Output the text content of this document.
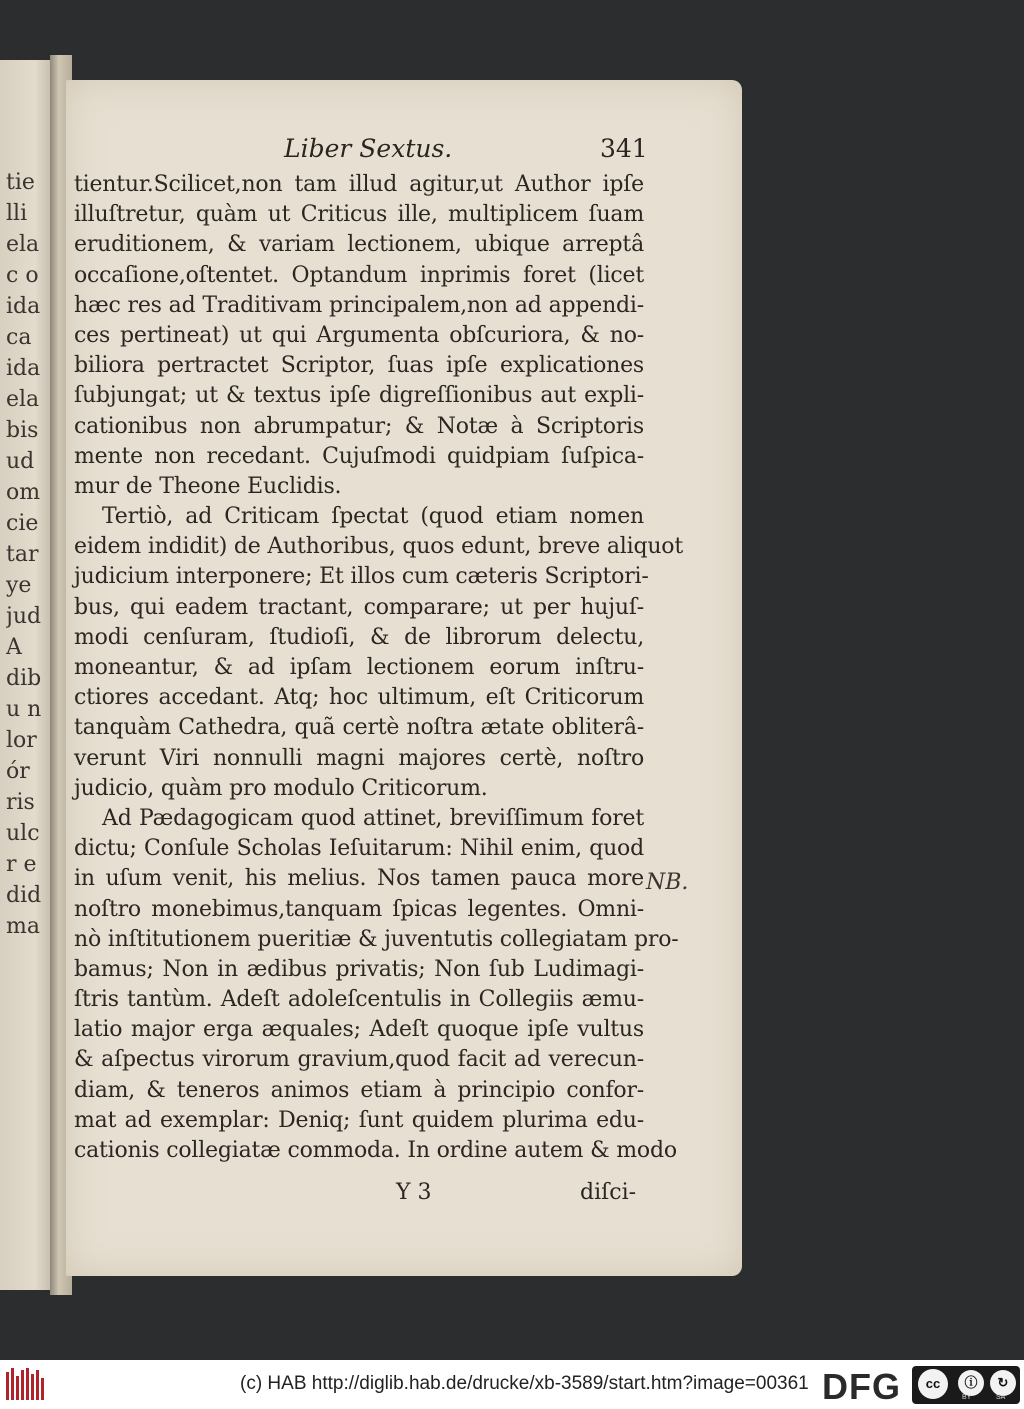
tie
lli
ela
c o
ida
ca
ida
ela
bis
ud
om
cie
tar
ye
jud
A
dib
u n
lor
ór
ris
ulc
r e
did
ma
Liber Sextus.	341
tientur.Scilicet,non tam illud agitur,ut Author ipſe
illuſtretur, quàm ut Criticus ille, multiplicem ſuam
eruditionem, & variam lectionem, ubique arreptâ
occaſione,oſtentet. Optandum inprimis foret (licet
hæc res ad Traditivam principalem,non ad appendi-
ces pertineat) ut qui Argumenta obſcuriora, & no-
biliora pertractet Scriptor, ſuas ipſe explicationes
ſubjungat; ut & textus ipſe digreſſionibus aut expli-
cationibus non abrumpatur; & Notæ à Scriptoris
mente non recedant. Cujuſmodi quidpiam ſuſpica-
mur de Theone Euclidis.
Tertiò, ad Criticam ſpectat (quod etiam nomen
eidem indidit) de Authoribus, quos edunt, breve aliquot
judicium interponere; Et illos cum cæteris Scriptori-
bus, qui eadem tractant, comparare; ut per hujuſ-
modi cenſuram, ſtudioſi, & de librorum delectu,
moneantur, & ad ipſam lectionem eorum inſtru-
ctiores accedant. Atq; hoc ultimum, eſt Criticorum
tanquàm Cathedra, quã certè noſtra ætate obliterâ-
verunt Viri nonnulli magni majores certè, noſtro
judicio, quàm pro modulo Criticorum.
Ad Pædagogicam quod attinet, breviſſimum foret
dictu; Conſule Scholas Ieſuitarum: Nihil enim, quod
in uſum venit, his melius. Nos tamen pauca more
noſtro monebimus,tanquam ſpicas legentes. Omni-
nò inſtitutionem pueritiæ & juventutis collegiatam pro-
bamus; Non in ædibus privatis; Non ſub Ludimagi-
ſtris tantùm. Adeſt adoleſcentulis in Collegiis æmu-
latio major erga æquales; Adeſt quoque ipſe vultus
& aſpectus virorum gravium,quod facit ad verecun-
diam, & teneros animos etiam à principio confor-
mat ad exemplar: Deniq; ſunt quidem plurima edu-
cationis collegiatæ commoda. In ordine autem & modo
NB.
Y 3	diſci-
(c) HAB http://diglib.hab.de/drucke/xb-3589/start.htm?image=00361 DFG	cc	ⓘ	↻
BY	SA
